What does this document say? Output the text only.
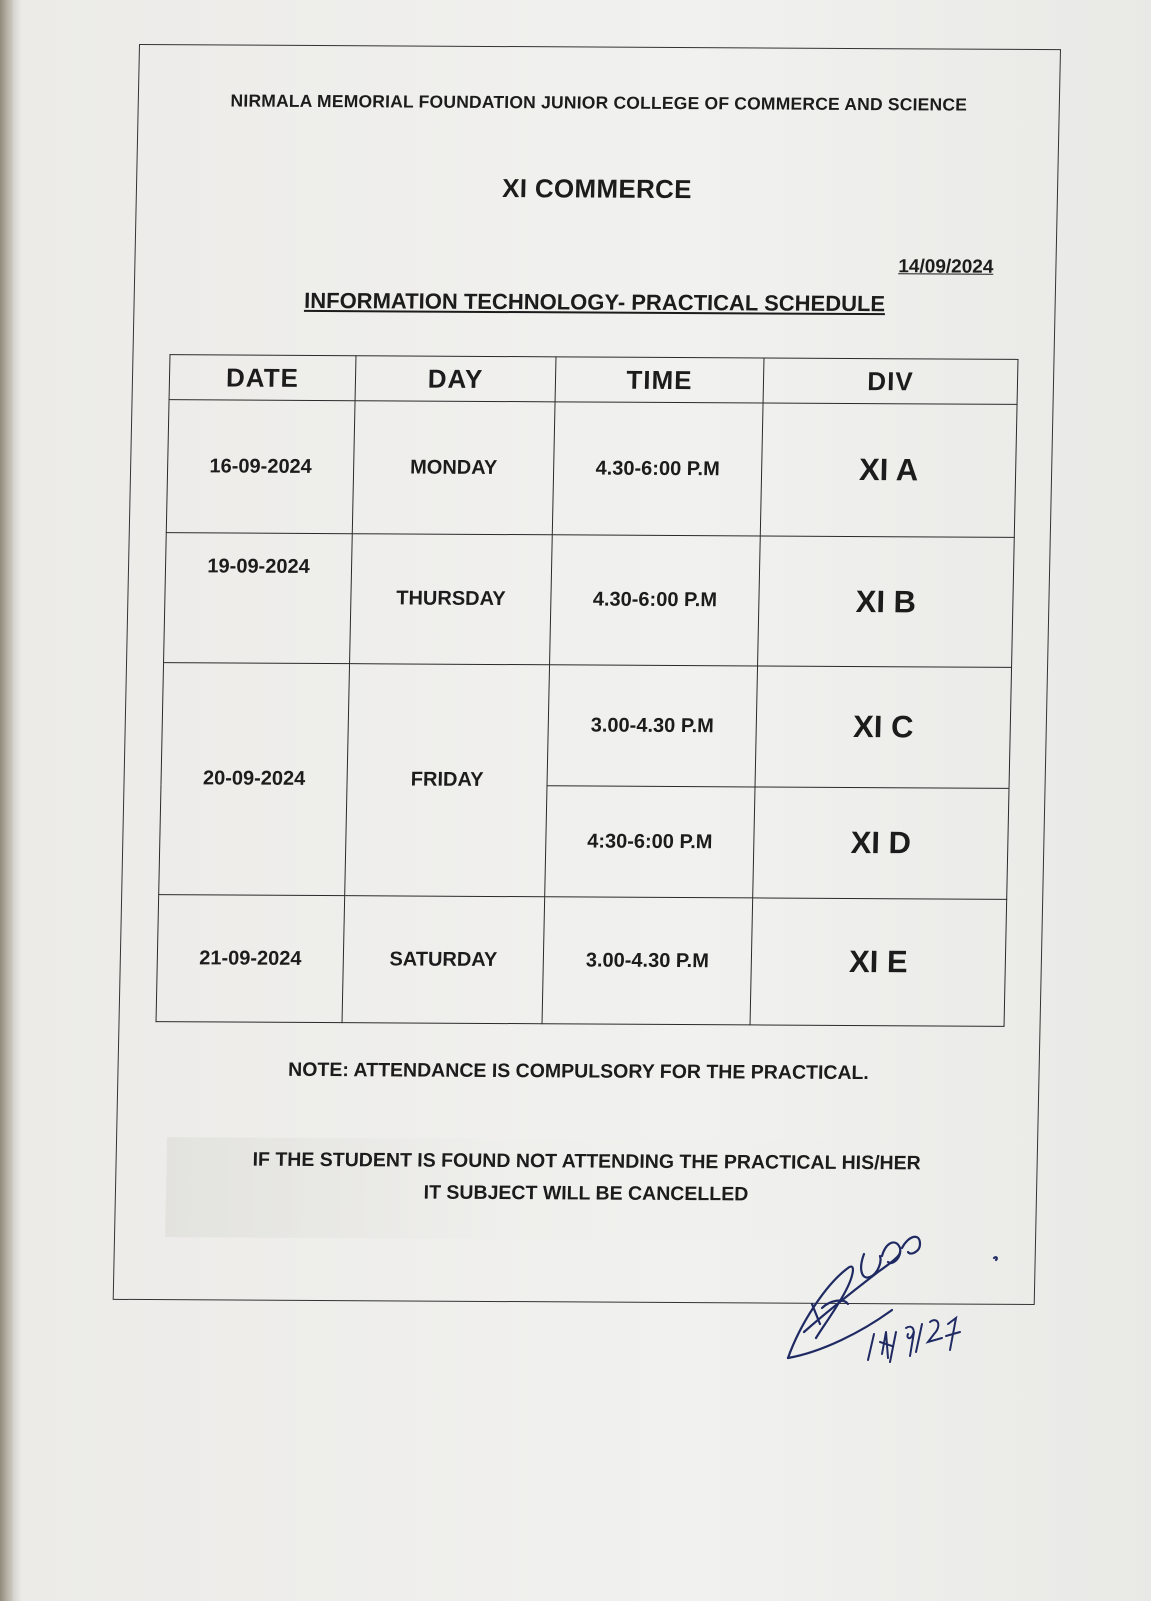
NIRMALA MEMORIAL FOUNDATION JUNIOR COLLEGE OF COMMERCE AND SCIENCE
XI COMMERCE
14/09/2024
INFORMATION TECHNOLOGY- PRACTICAL SCHEDULE
DATE	DAY	TIME	DIV
16-09-2024	MONDAY	4.30-6:00 P.M	XI A
19-09-2024	THURSDAY	4.30-6:00 P.M	XI B
20-09-2024	FRIDAY	3.00-4.30 P.M	XI C
		4:30-6:00 P.M	XI D
21-09-2024	SATURDAY	3.00-4.30 P.M	XI E
NOTE: ATTENDANCE IS COMPULSORY FOR THE PRACTICAL.
IF THE STUDENT IS FOUND NOT ATTENDING THE PRACTICAL HIS/HER
IT SUBJECT WILL BE CANCELLED
